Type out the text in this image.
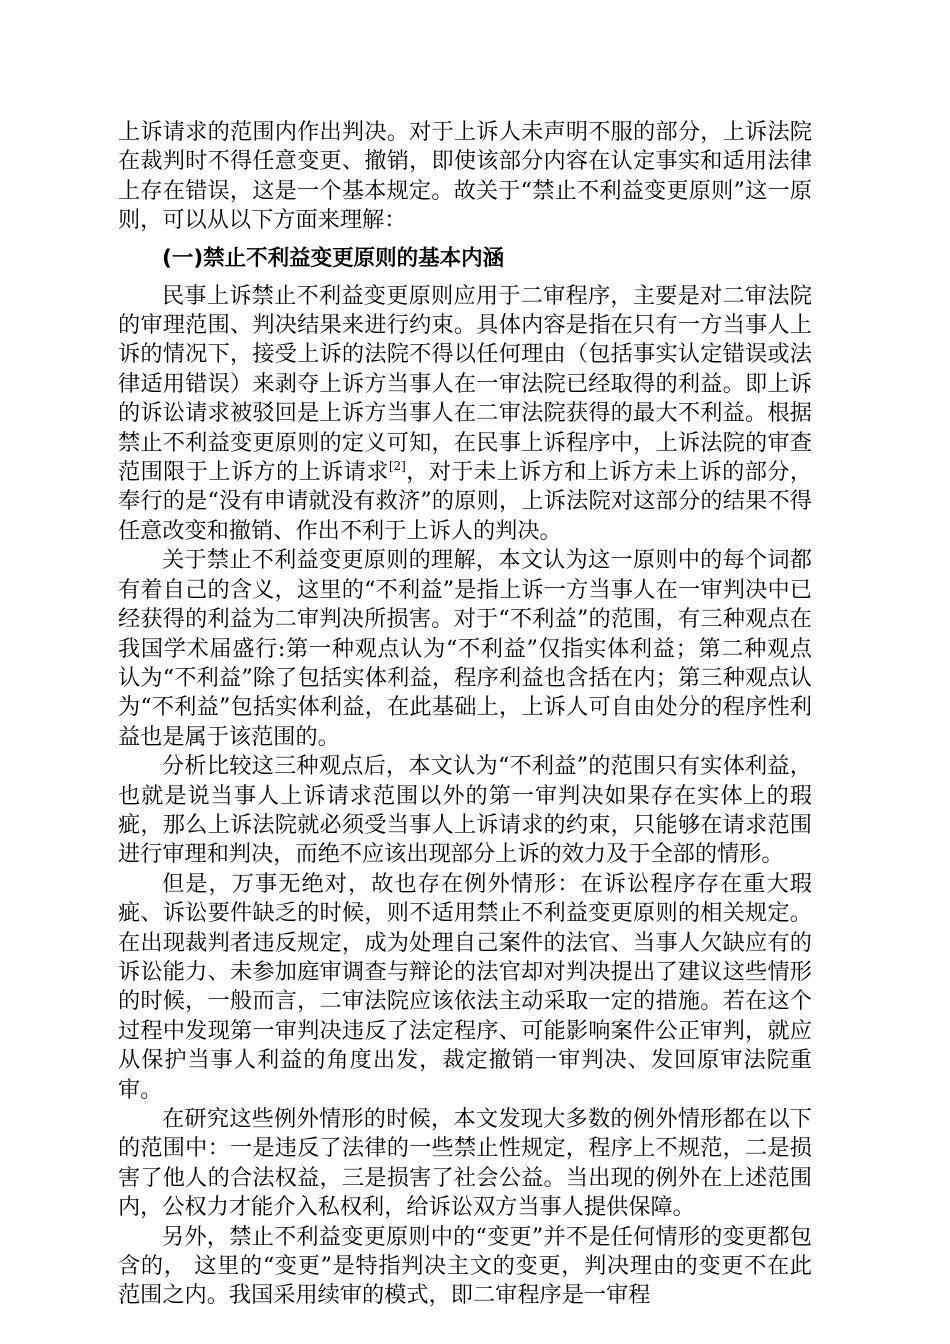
上诉请求的范围内作出判决。对于上诉人未声明不服的部分，上诉法院在裁判时不得任意变更、撤销，即使该部分内容在认定事实和适用法律上存在错误，这是一个基本规定。故关于“禁止不利益变更原则”这一原则，可以从以下方面来理解：

(一)禁止不利益变更原则的基本内涵

民事上诉禁止不利益变更原则应用于二审程序，主要是对二审法院的审理范围、判决结果来进行约束。具体内容是指在只有一方当事人上诉的情况下，接受上诉的法院不得以任何理由（包括事实认定错误或法律适用错误）来剥夺上诉方当事人在一审法院已经取得的利益。即上诉的诉讼请求被驳回是上诉方当事人在二审法院获得的最大不利益。根据禁止不利益变更原则的定义可知，在民事上诉程序中，上诉法院的审查范围限于上诉方的上诉请求[2]，对于未上诉方和上诉方未上诉的部分，奉行的是“没有申请就没有救济”的原则，上诉法院对这部分的结果不得任意改变和撤销、作出不利于上诉人的判决。

关于禁止不利益变更原则的理解，本文认为这一原则中的每个词都有着自己的含义，这里的“不利益”是指上诉一方当事人在一审判决中已经获得的利益为二审判决所损害。对于“不利益”的范围，有三种观点在我国学术届盛行:第一种观点认为“不利益”仅指实体利益；第二种观点认为“不利益”除了包括实体利益，程序利益也含括在内；第三种观点认为“不利益”包括实体利益，在此基础上，上诉人可自由处分的程序性利益也是属于该范围的。

分析比较这三种观点后，本文认为“不利益”的范围只有实体利益，也就是说当事人上诉请求范围以外的第一审判决如果存在实体上的瑕疵，那么上诉法院就必须受当事人上诉请求的约束，只能够在请求范围进行审理和判决，而绝不应该出现部分上诉的效力及于全部的情形。

但是，万事无绝对，故也存在例外情形：在诉讼程序存在重大瑕疵、诉讼要件缺乏的时候，则不适用禁止不利益变更原则的相关规定。在出现裁判者违反规定，成为处理自己案件的法官、当事人欠缺应有的诉讼能力、未参加庭审调查与辩论的法官却对判决提出了建议这些情形的时候，一般而言，二审法院应该依法主动采取一定的措施。若在这个过程中发现第一审判决违反了法定程序、可能影响案件公正审判，就应从保护当事人利益的角度出发，裁定撤销一审判决、发回原审法院重审。

在研究这些例外情形的时候，本文发现大多数的例外情形都在以下的范围中：一是违反了法律的一些禁止性规定，程序上不规范，二是损害了他人的合法权益，三是损害了社会公益。当出现的例外在上述范围内，公权力才能介入私权利，给诉讼双方当事人提供保障。

另外，禁止不利益变更原则中的“变更”并不是任何情形的变更都包含的， 这里的“变更”是特指判决主文的变更，判决理由的变更不在此范围之内。我国采用续审的模式，即二审程序是一审程
